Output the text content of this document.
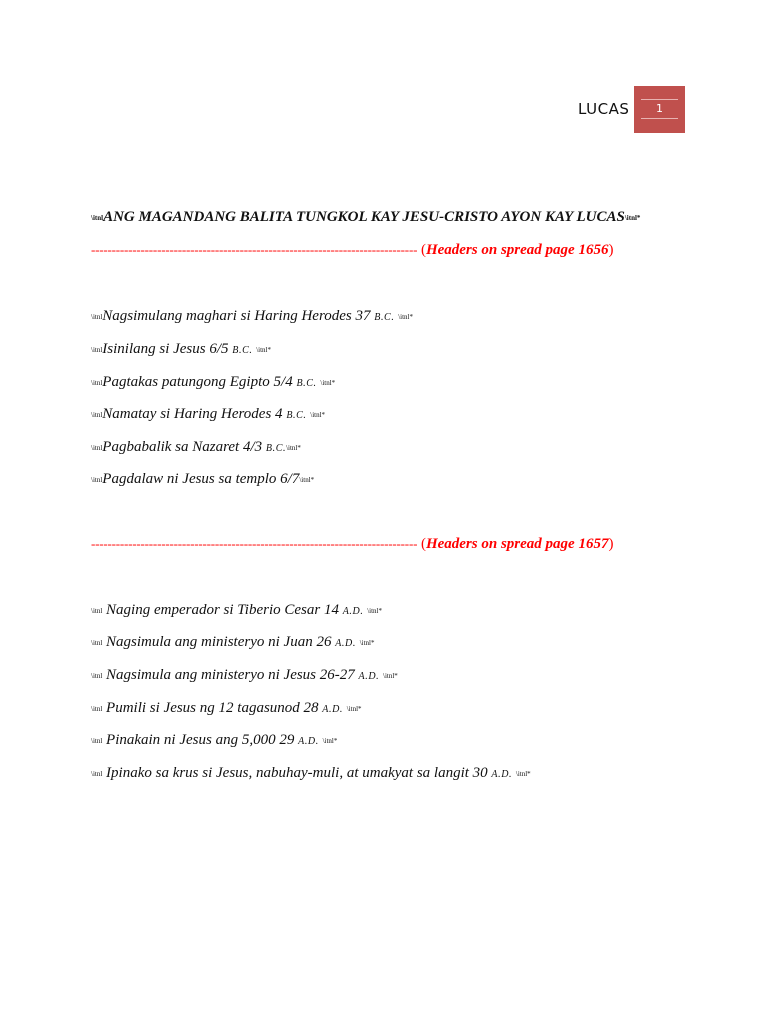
LUCAS	1
\itnlANG MAGANDANG BALITA TUNGKOL KAY JESU-CRISTO AYON KAY LUCAS\itnl*
------------------------------------------------------------------------------- (Headers on spread page 1656)
\itnlNagsimulang maghari si Haring Herodes 37 B.C. \itnl*
\itnlIsinilang si Jesus 6/5 B.C. \itnl*
\itnlPagtakas patungong Egipto 5/4 B.C. \itnl*
\itnlNamatay si Haring Herodes 4 B.C. \itnl*
\itnlPagbabalik sa Nazaret 4/3 B.C.\itnl*
\itnlPagdalaw ni Jesus sa templo 6/7\itnl*
------------------------------------------------------------------------------- (Headers on spread page 1657)
\itnl Naging emperador si Tiberio Cesar 14 A.D. \itnl*
\itnl Nagsimula ang ministeryo ni Juan 26 A.D. \itnl*
\itnl Nagsimula ang ministeryo ni Jesus 26-27 A.D. \itnl*
\itnl Pumili si Jesus ng 12 tagasunod 28 A.D. \itnl*
\itnl Pinakain ni Jesus ang 5,000 29 A.D. \itnl*
\itnl Ipinako sa krus si Jesus, nabuhay-muli, at umakyat sa langit 30 A.D. \itnl*
